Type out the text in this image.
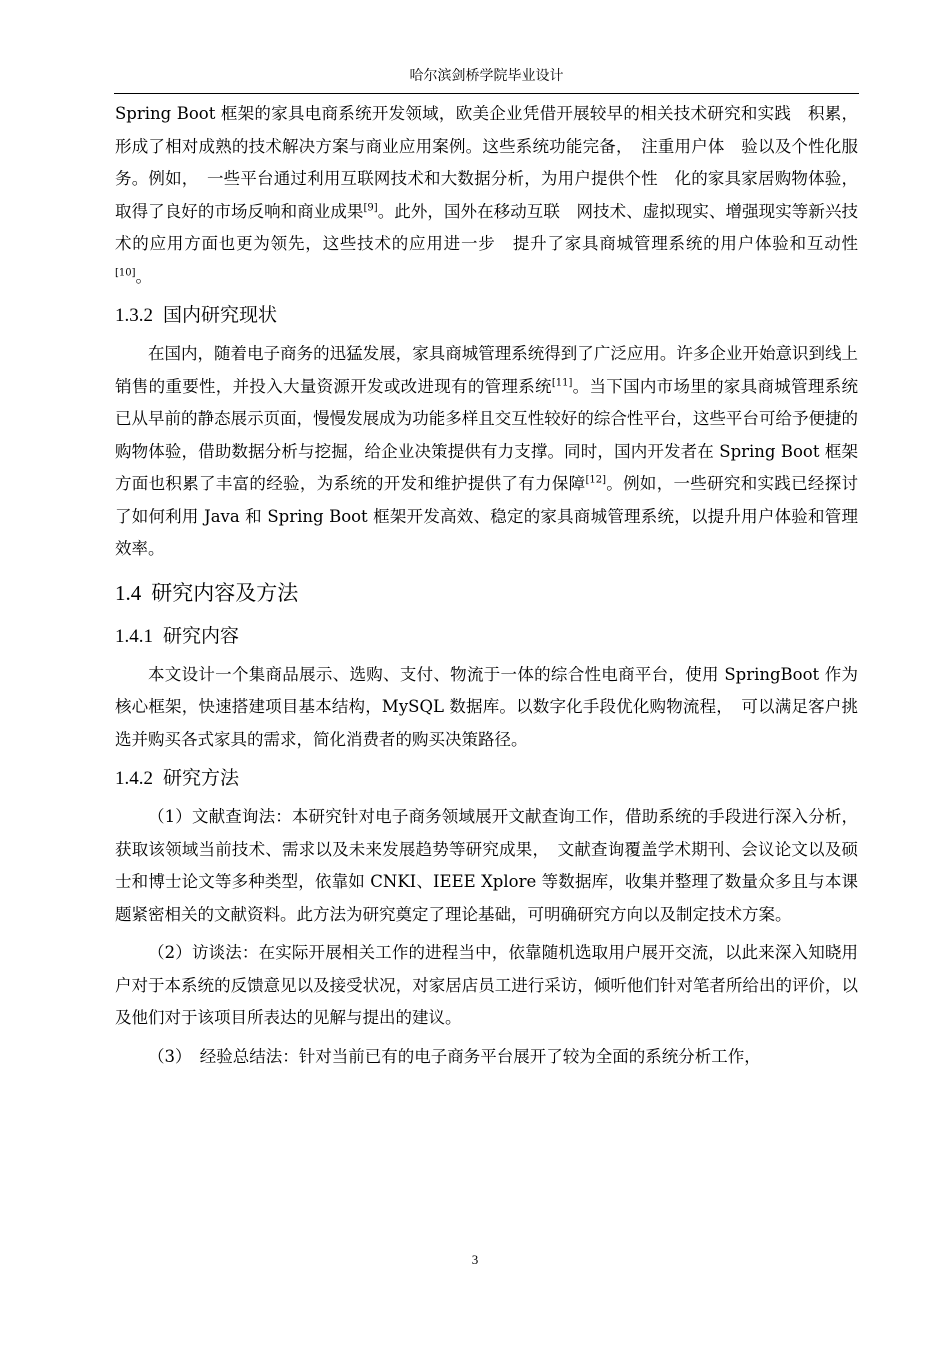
哈尔滨剑桥学院毕业设计

Spring Boot 框架的家具电商系统开发领域，欧美企业凭借开展较早的相关技术研究和实践　积累，形成了相对成熟的技术解决方案与商业应用案例。这些系统功能完备，　注重用户体　验以及个性化服务。例如，　一些平台通过利用互联网技术和大数据分析，为用户提供个性　化的家具家居购物体验，取得了良好的市场反响和商业成果[9]。此外，国外在移动互联　网技术、虚拟现实、增强现实等新兴技术的应用方面也更为领先，这些技术的应用进一步　提升了家具商城管理系统的用户体验和互动性[10]。

1.3.2 国内研究现状

在国内，随着电子商务的迅猛发展，家具商城管理系统得到了广泛应用。许多企业开始意识到线上销售的重要性，并投入大量资源开发或改进现有的管理系统[11]。当下国内市场里的家具商城管理系统已从早前的静态展示页面，慢慢发展成为功能多样且交互性较好的综合性平台，这些平台可给予便捷的购物体验，借助数据分析与挖掘，给企业决策提供有力支撑。同时，国内开发者在 Spring Boot 框架方面也积累了丰富的经验，为系统的开发和维护提供了有力保障[12]。例如，一些研究和实践已经探讨了如何利用 Java 和 Spring Boot 框架开发高效、稳定的家具商城管理系统，以提升用户体验和管理效率。

1.4 研究内容及方法
1.4.1 研究内容

本文设计一个集商品展示、选购、支付、物流于一体的综合性电商平台，使用 SpringBoot 作为核心框架，快速搭建项目基本结构，MySQL 数据库。以数字化手段优化购物流程，　可以满足客户挑选并购买各式家具的需求，简化消费者的购买决策路径。

1.4.2 研究方法

（1）文献查询法：本研究针对电子商务领域展开文献查询工作，借助系统的手段进行深入分析，获取该领域当前技术、需求以及未来发展趋势等研究成果，　文献查询覆盖学术期刊、会议论文以及硕士和博士论文等多种类型，依靠如 CNKI、IEEE Xplore 等数据库，收集并整理了数量众多且与本课题紧密相关的文献资料。此方法为研究奠定了理论基础，可明确研究方向以及制定技术方案。

（2）访谈法：在实际开展相关工作的进程当中，依靠随机选取用户展开交流，以此来深入知晓用户对于本系统的反馈意见以及接受状况，对家居店员工进行采访，倾听他们针对笔者所给出的评价，以及他们对于该项目所表达的见解与提出的建议。

（3）　经验总结法：针对当前已有的电子商务平台展开了较为全面的系统分析工作，

3
